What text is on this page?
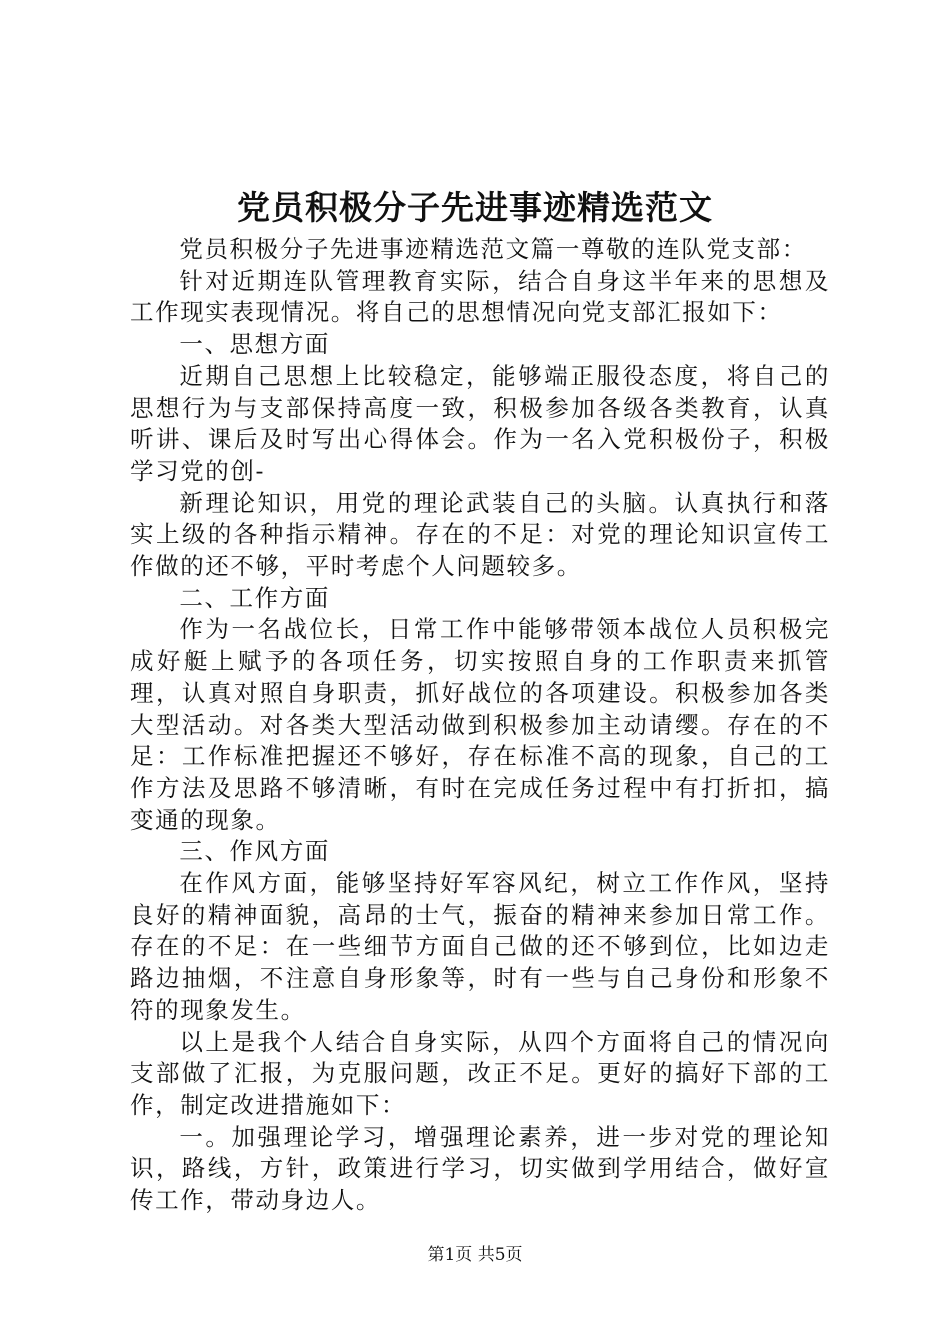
党员积极分子先进事迹精选范文

党员积极分子先进事迹精选范文篇一尊敬的连队党支部：

针对近期连队管理教育实际，结合自身这半年来的思想及工作现实表现情况。将自己的思想情况向党支部汇报如下：

一、思想方面

近期自己思想上比较稳定，能够端正服役态度，将自己的思想行为与支部保持高度一致，积极参加各级各类教育，认真听讲、课后及时写出心得体会。作为一名入党积极份子，积极学习党的创-

新理论知识，用党的理论武装自己的头脑。认真执行和落实上级的各种指示精神。存在的不足：对党的理论知识宣传工作做的还不够，平时考虑个人问题较多。

二、工作方面

作为一名战位长，日常工作中能够带领本战位人员积极完成好艇上赋予的各项任务，切实按照自身的工作职责来抓管理，认真对照自身职责，抓好战位的各项建设。积极参加各类大型活动。对各类大型活动做到积极参加主动请缨。存在的不足：工作标准把握还不够好，存在标准不高的现象，自己的工作方法及思路不够清晰，有时在完成任务过程中有打折扣，搞变通的现象。

三、作风方面

在作风方面，能够坚持好军容风纪，树立工作作风，坚持良好的精神面貌，高昂的士气，振奋的精神来参加日常工作。存在的不足：在一些细节方面自己做的还不够到位，比如边走路边抽烟，不注意自身形象等，时有一些与自己身份和形象不符的现象发生。

以上是我个人结合自身实际，从四个方面将自己的情况向支部做了汇报，为克服问题，改正不足。更好的搞好下部的工作，制定改进措施如下：

一。加强理论学习，增强理论素养，进一步对党的理论知识，路线，方针，政策进行学习，切实做到学用结合，做好宣传工作，带动身边人。

第1页 共5页
